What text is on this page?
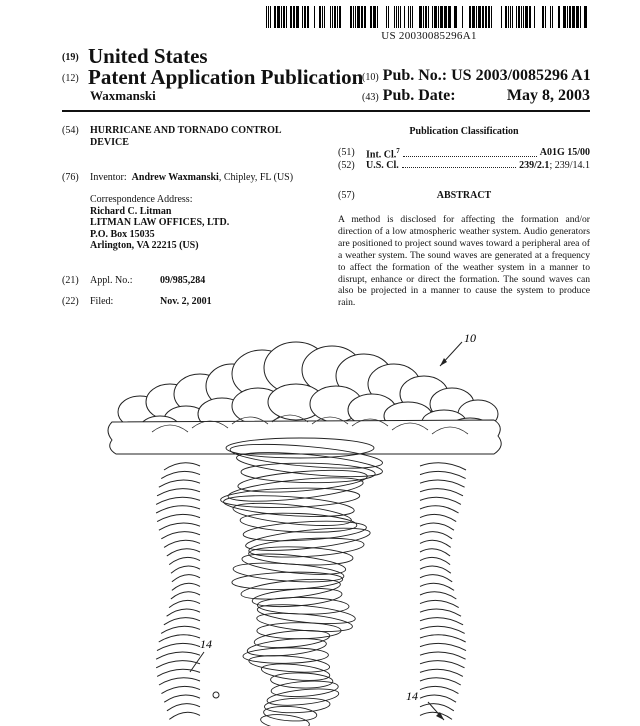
US 20030085296A1
(19) United States
(12) Patent Application Publication
Waxmanski
(10) Pub. No.: US 2003/0085296 A1
(43) Pub. Date:	May 8, 2003
(54) HURRICANE AND TORNADO CONTROL DEVICE
(76) Inventor: Andrew Waxmanski, Chipley, FL (US)
Correspondence Address:
Richard C. Litman
LITMAN LAW OFFICES, LTD.
P.O. Box 15035
Arlington, VA 22215 (US)
(21) Appl. No.:	09/985,284
(22) Filed:	Nov. 2, 2001
Publication Classification
(51)	Int. Cl.$^7$	A01G 15/00
(52)	U.S. Cl.	239/2.1; 239/14.1
(57)	ABSTRACT
A method is disclosed for affecting the formation and/or direction of a low atmospheric weather system. Audio generators are positioned to project sound waves toward a peripheral area of a weather system. The sound waves are generated at a frequency to affect the formation of the weather system in a manner to disrupt, enhance or direct the formation. The sound waves can also be projected in a manner to cause the system to produce rain.
10
14
14
